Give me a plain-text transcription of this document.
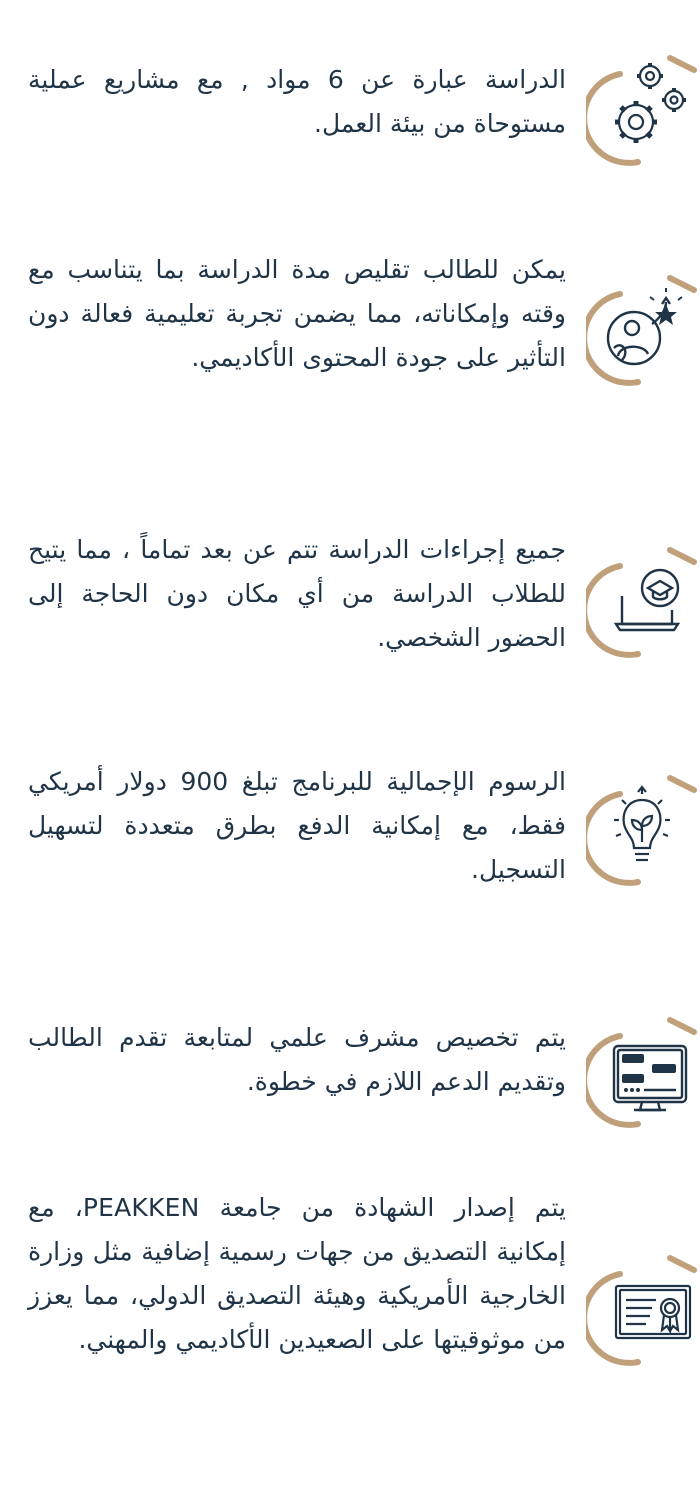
الدراسة عبارة عن 6 مواد , مع مشاريع عملية مستوحاة من بيئة العمل.

يمكن للطالب تقليص مدة الدراسة بما يتناسب مع وقته وإمكاناته، مما يضمن تجربة تعليمية فعالة دون التأثير على جودة المحتوى الأكاديمي.

جميع إجراءات الدراسة تتم عن بعد تماماً ، مما يتيح للطلاب الدراسة من أي مكان دون الحاجة إلى الحضور الشخصي.

الرسوم الإجمالية للبرنامج تبلغ 900 دولار أمريكي فقط، مع إمكانية الدفع بطرق متعددة لتسهيل التسجيل.

يتم تخصيص مشرف علمي لمتابعة تقدم الطالب وتقديم الدعم اللازم في خطوة.

يتم إصدار الشهادة من جامعة PEAKKEN، مع إمكانية التصديق من جهات رسمية إضافية مثل وزارة الخارجية الأمريكية وهيئة التصديق الدولي، مما يعزز من موثوقيتها على الصعيدين الأكاديمي والمهني.
